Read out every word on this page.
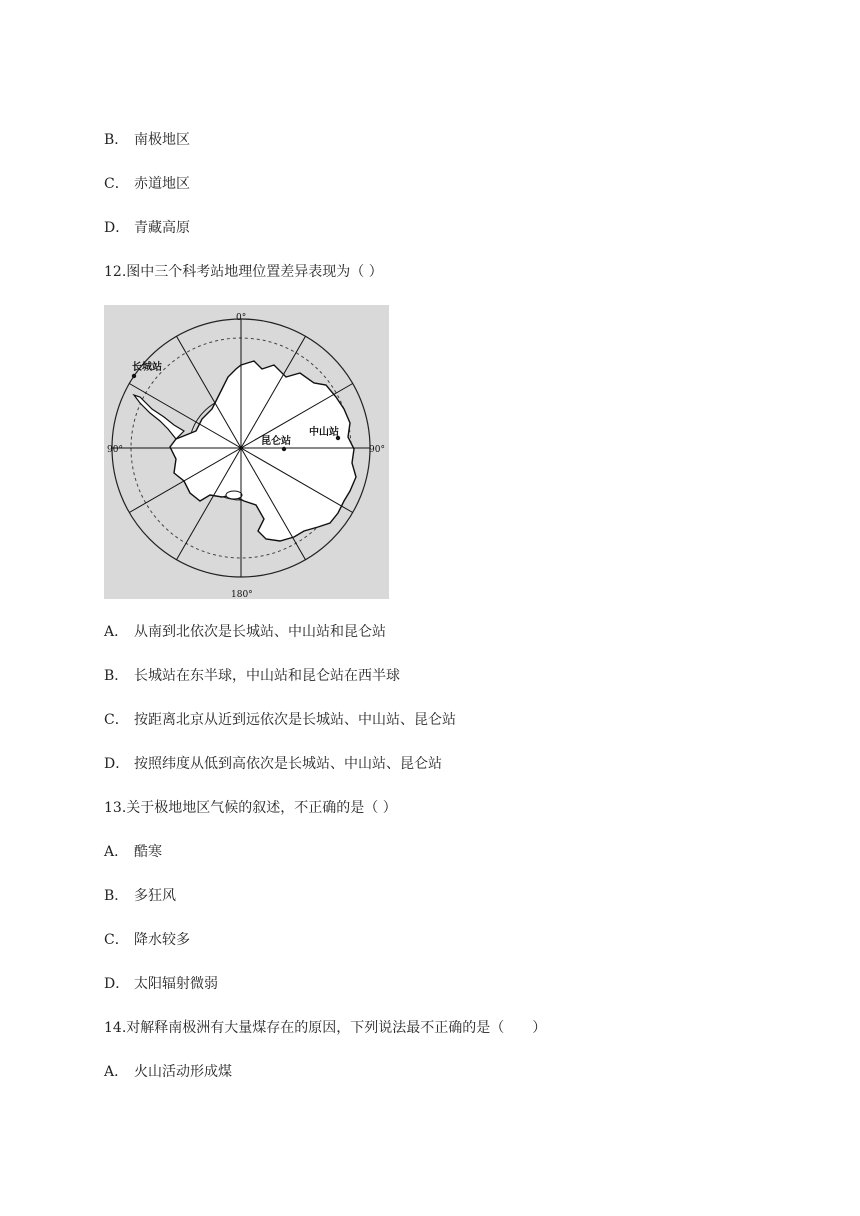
B． 南极地区
C． 赤道地区
D． 青藏高原
12.图中三个科考站地理位置差异表现为（ ）
0°
180°
90°	90°
长城站
昆仑站
中山站
A． 从南到北依次是长城站、中山站和昆仑站
B． 长城站在东半球，中山站和昆仑站在西半球
C． 按距离北京从近到远依次是长城站、中山站、昆仑站
D． 按照纬度从低到高依次是长城站、中山站、昆仑站
13.关于极地地区气候的叙述，不正确的是（ ）
A． 酷寒
B． 多狂风
C． 降水较多
D． 太阳辐射微弱
14.对解释南极洲有大量煤存在的原因，下列说法最不正确的是（　　）
A． 火山活动形成煤
